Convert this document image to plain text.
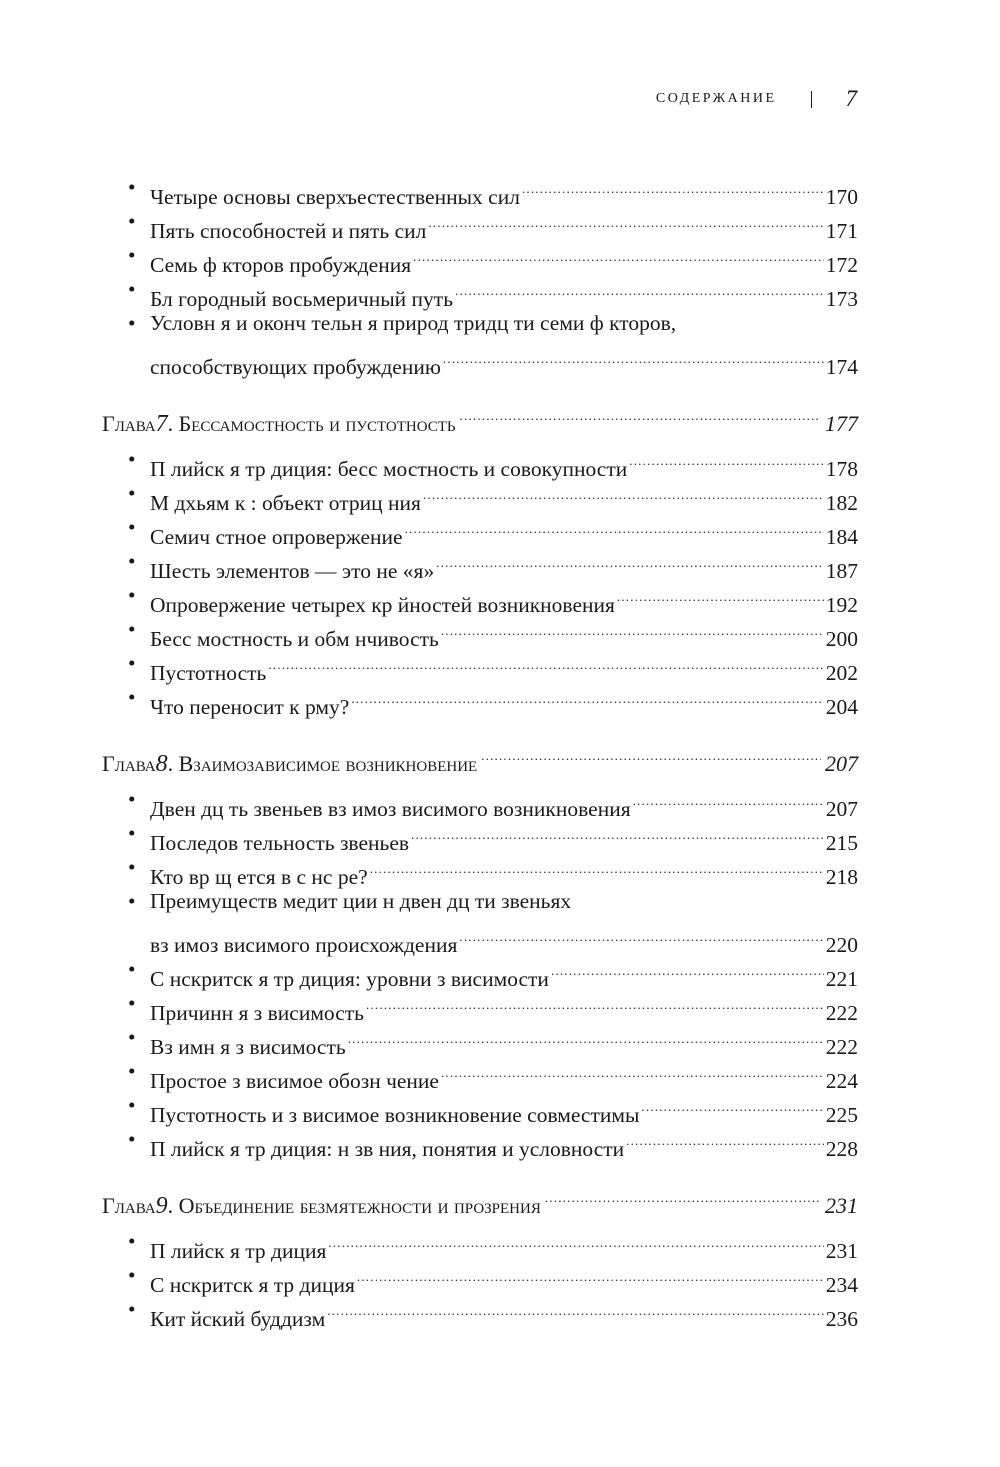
СОДЕРЖАНИЕ	7
• Четыре основы сверхъестественных сил .....	170
• Пять способностей и пять сил .....	171
• Семь ф кторов пробуждения .....	172
• Бл городный восьмеричный путь .....	173
• Условн я и оконч тельн я природ тридц ти семи ф кторов,
способствующих пробуждению .....	174
Глава 7 . Бессамостность и пустотность .....	177
• П лийск я тр диция: бесс мостность и совокупности .....	178
• М дхьям к : объект отриц ния .....	182
• Семич стное опровержение .....	184
• Шесть элементов — это не «я» .....	187
• Опровержение четырех кр йностей возникновения .....	192
• Бесс мостность и обм нчивость .....	200
• Пустотность .....	202
• Что переносит к рму? .....	204
Глава 8 . Взаимозависимое возникновение .....	207
• Двен дц ть звеньев вз имоз висимого возникновения .....	207
• Последов тельность звеньев .....	215
• Кто вр щ ется в с нс ре? .....	218
• Преимуществ медит ции н двен дц ти звеньях
вз имоз висимого происхождения .....	220
• С нскритск я тр диция: уровни з висимости .....	221
• Причинн я з висимость .....	222
• Вз имн я з висимость .....	222
• Простое з висимое обозн чение .....	224
• Пустотность и з висимое возникновение совместимы .....	225
• П лийск я тр диция: н зв ния, понятия и условности .....	228
Глава 9 . Объединение безмятежности и прозрения .....	231
• П лийск я тр диция .....	231
• С нскритск я тр диция .....	234
• Кит йский буддизм .....	236
